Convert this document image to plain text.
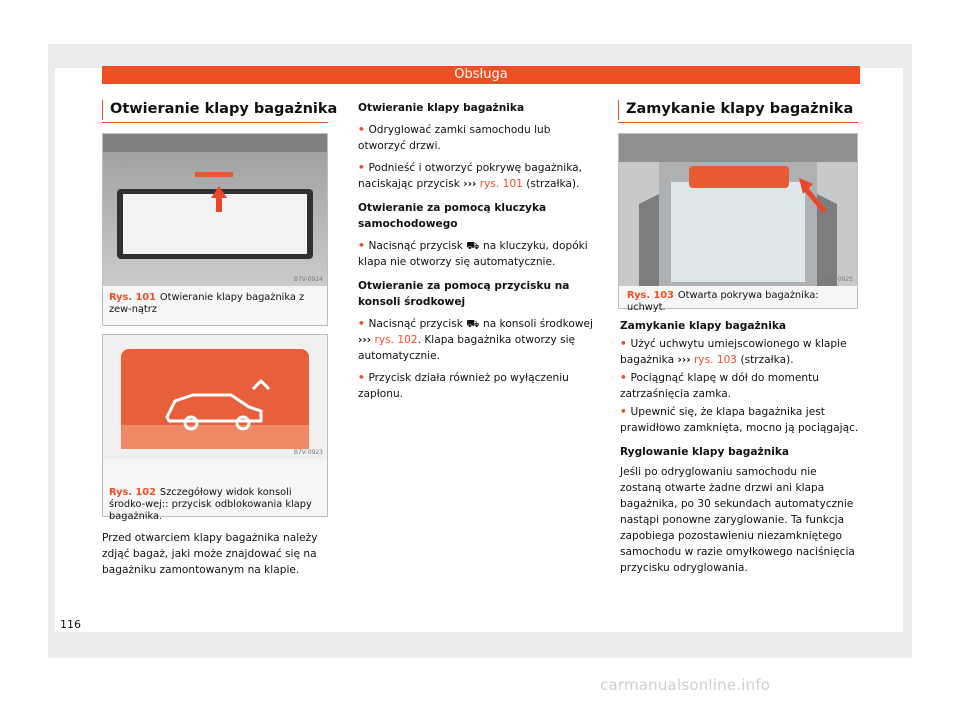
Obsługa
Otwieranie klapy bagażnika
B7V-0924
Rys. 101 Otwieranie klapy bagażnika z zew-nątrz
B7V-0923
Rys. 102 Szczegółowy widok konsoli środko-wej:: przycisk odblokowania klapy bagażnika.
Przed otwarciem klapy bagażnika należy zdjąć bagaż, jaki może znajdować się na bagażniku zamontowanym na klapie.

Otwieranie klapy bagażnika

• Odryglować zamki samochodu lub otworzyć drzwi.

• Podnieść i otworzyć pokrywę bagażnika, naciskając przycisk ››› rys. 101 (strzałka).

Otwieranie za pomocą kluczyka samochodowego

• Nacisnąć przycisk ⛟ na kluczyku, dopóki klapa nie otworzy się automatycznie.

Otwieranie za pomocą przycisku na konsoli środkowej

• Nacisnąć przycisk ⛟ na konsoli środkowej ››› rys. 102. Klapa bagażnika otworzy się automatycznie.

• Przycisk działa również po wyłączeniu zapłonu.

Zamykanie klapy bagażnika
B7V-0925
Rys. 103 Otwarta pokrywa bagażnika: uchwyt.

Zamykanie klapy bagażnika

• Użyć uchwytu umiejscowionego w klapie bagażnika ››› rys. 103 (strzałka).

• Pociągnąć klapę w dół do momentu zatrzaśnięcia zamka.

• Upewnić się, że klapa bagażnika jest prawidłowo zamknięta, mocno ją pociągając.

Ryglowanie klapy bagażnika

Jeśli po odryglowaniu samochodu nie zostaną otwarte żadne drzwi ani klapa bagażnika, po 30 sekundach automatycznie nastąpi ponowne zaryglowanie. Ta funkcja zapobiega pozostawieniu niezamkniętego samochodu w razie omyłkowego naciśnięcia przycisku odryglowania.

116
carmanualsonline.info
